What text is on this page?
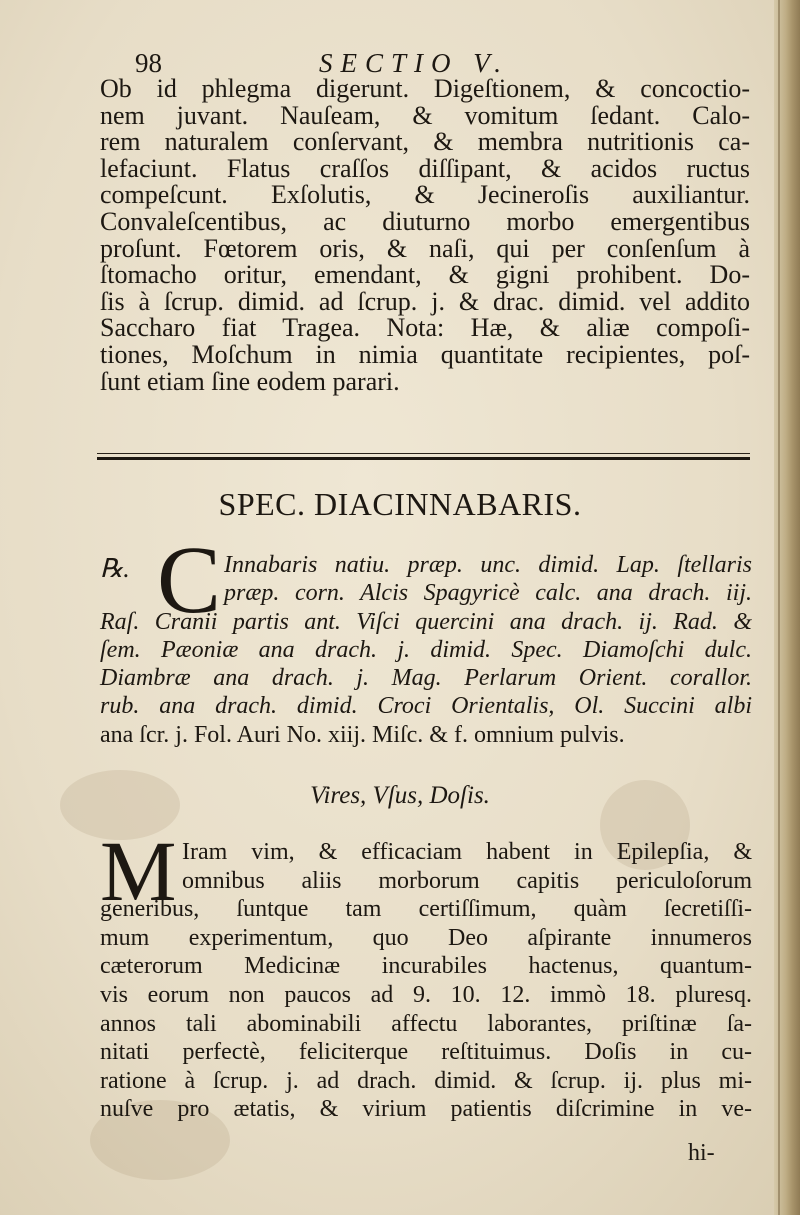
98	SECTIO V.
Ob id phlegma digerunt. Digeſtionem, & concoctio-
nem juvant. Nauſeam, & vomitum ſedant. Calo-
rem naturalem conſervant, & membra nutritionis ca-
lefaciunt. Flatus craſſos diſſipant, & acidos ructus
compeſcunt. Exſolutis, & Jecineroſis auxiliantur.
Convaleſcentibus, ac diuturno morbo emergentibus
proſunt. Fœtorem oris, & naſi, qui per conſenſum à
ſtomacho oritur, emendant, & gigni prohibent. Do-
ſis à ſcrup. dimid. ad ſcrup. j. & drac. dimid. vel addito
Saccharo fiat Tragea. Nota: Hæ, & aliæ compoſi-
tiones, Moſchum in nimia quantitate recipientes, poſ-
ſunt etiam ſine eodem parari.
SPEC. DIACINNABARIS.
℞. C Innabaris natiu. præp. unc. dimid. Lap. ſtellaris
præp. corn. Alcis Spagyricè calc. ana drach. iij.
Raſ. Cranii partis ant. Viſci quercini ana drach. ij. Rad. &
ſem. Pæoniæ ana drach. j. dimid. Spec. Diamoſchi dulc.
Diambræ ana drach. j. Mag. Perlarum Orient. corallor.
rub. ana drach. dimid. Croci Orientalis, Ol. Succini albi
ana ſcr. j. Fol. Auri No. xiij. Miſc. & f. omnium pulvis.
Vires, Vſus, Doſis.
M Iram vim, & efficaciam habent in Epilepſia, &
omnibus aliis morborum capitis periculoſorum
generibus, ſuntque tam certiſſimum, quàm ſecretiſſi-
mum experimentum, quo Deo aſpirante innumeros
cæterorum Medicinæ incurabiles hactenus, quantum-
vis eorum non paucos ad 9. 10. 12. immò 18. pluresq.
annos tali abominabili affectu laborantes, priſtinæ ſa-
nitati perfectè, feliciterque reſtituimus. Doſis in cu-
ratione à ſcrup. j. ad drach. dimid. & ſcrup. ij. plus mi-
nuſve pro ætatis, & virium patientis diſcrimine in ve-
hi-
